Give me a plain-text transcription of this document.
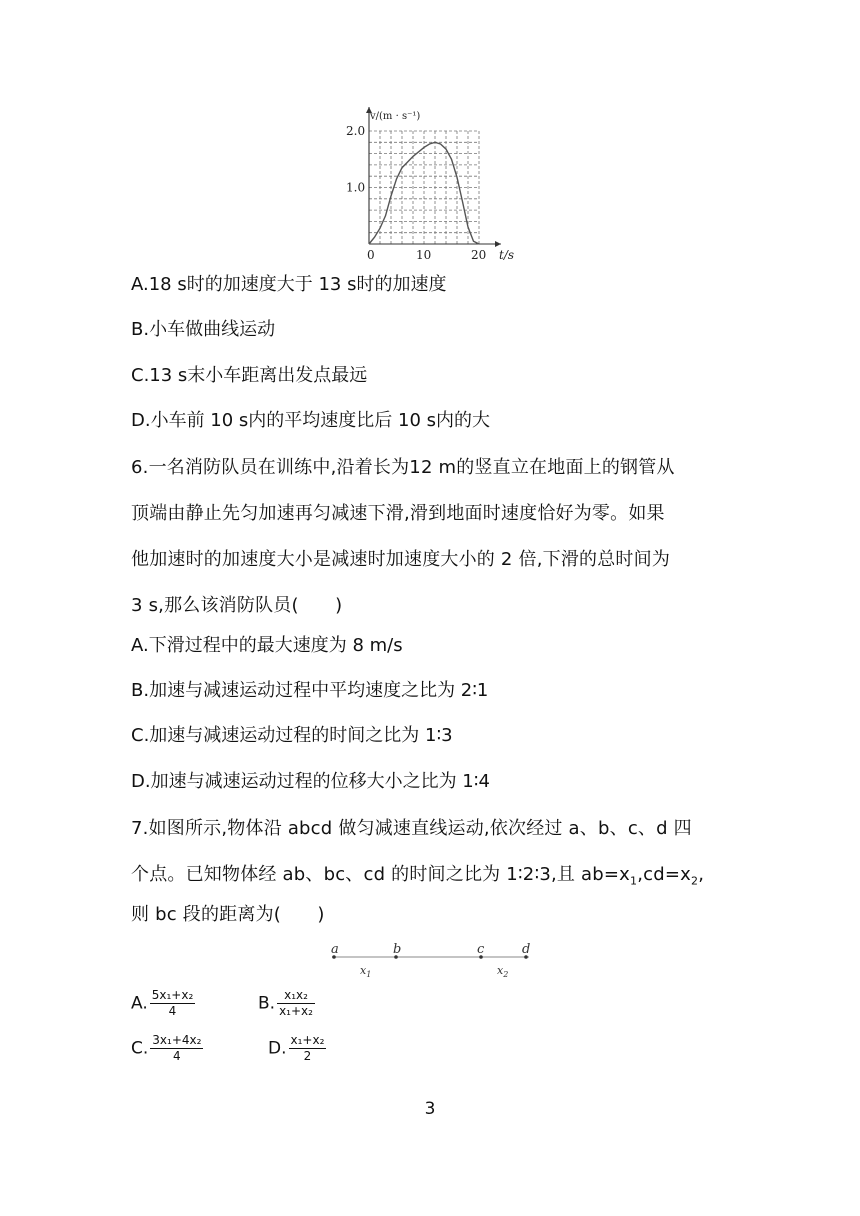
0	10	20
1.0
2.0
v/(m · s⁻¹)
t/s
A.18 s时的加速度大于 13 s时的加速度
B.小车做曲线运动
C.13 s末小车距离出发点最远
D.小车前 10 s内的平均速度比后 10 s内的大
6.一名消防队员在训练中,沿着长为12 m的竖直立在地面上的钢管从
顶端由静止先匀加速再匀减速下滑,滑到地面时速度恰好为零。如果
他加速时的加速度大小是减速时加速度大小的 2 倍,下滑的总时间为
3 s,那么该消防队员(　　)
A.下滑过程中的最大速度为 8 m/s
B.加速与减速运动过程中平均速度之比为 2∶1
C.加速与减速运动过程的时间之比为 1∶3
D.加速与减速运动过程的位移大小之比为 1∶4
7.如图所示,物体沿 abcd 做匀减速直线运动,依次经过 a、b、c、d 四
个点。已知物体经 ab、bc、cd 的时间之比为 1∶2∶3,且 $ab=x_1,cd=x_2$,
则 bc 段的距离为(　　)
a	b	c	d
$x_1$	$x_2$
A. $\frac{\text{5x₁+x₂}}{4}$	B. $\frac{\text{x₁x₂}}{\text{x₁+x₂}}$
C. $\frac{\text{3x₁+4x₂}}{4}$	D. $\frac{\text{x₁+x₂}}{2}$
3
